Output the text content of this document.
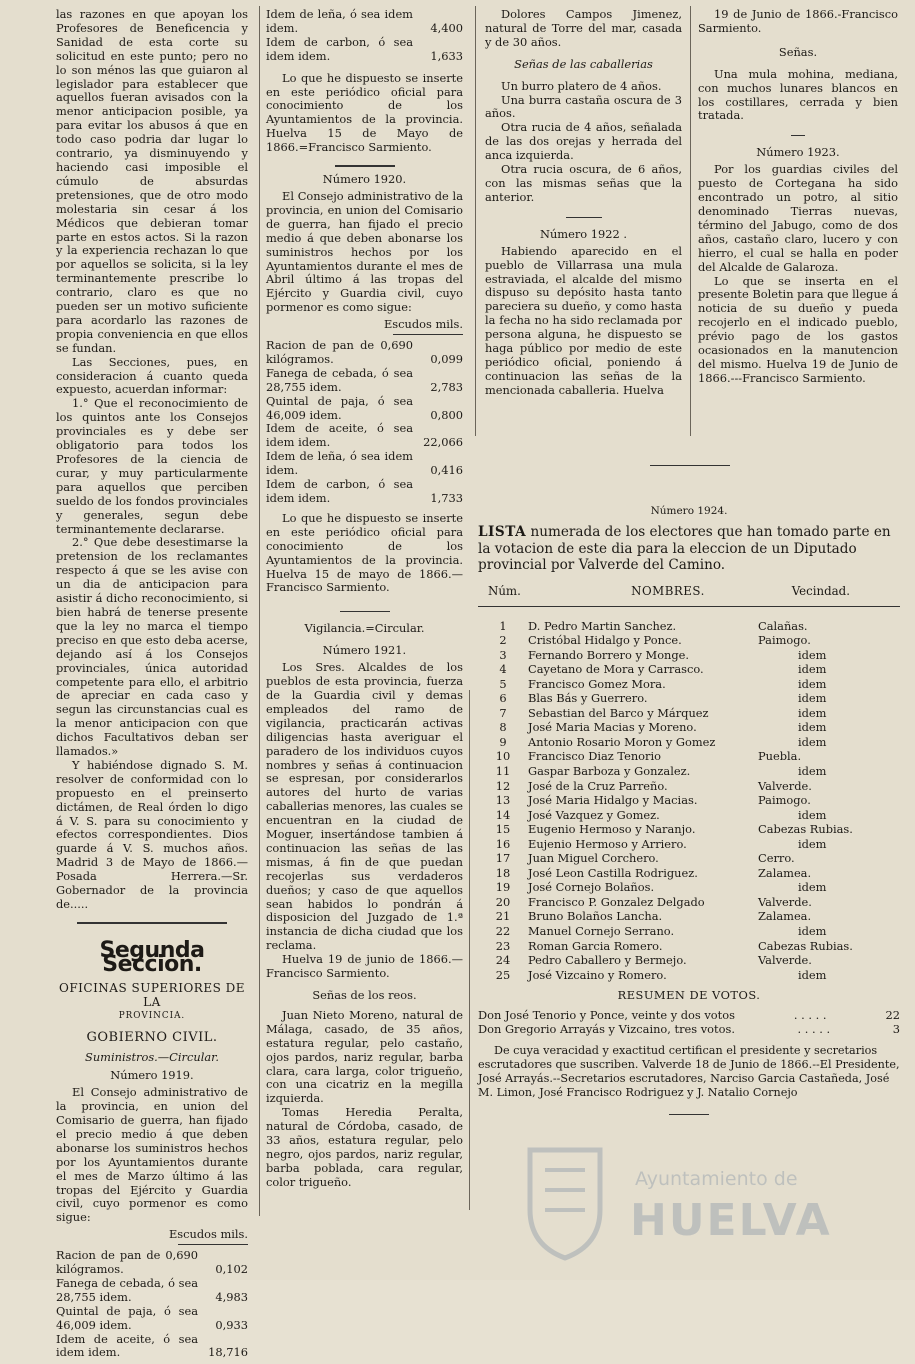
las razones en que apoyan los Profesores de Beneficencia y Sanidad de esta corte su solicitud en este punto; pero no lo son ménos las que guiaron al legislador para establecer que aquellos fueran avisados con la menor anticipacion posible, ya para evitar los abusos á que en todo caso podria dar lugar lo contrario, ya disminuyendo y haciendo casi imposible el cúmulo de absurdas pretensiones, que de otro modo molestaria sin cesar á los Médicos que debieran tomar parte en estos actos. Si la razon y la experiencia rechazan lo que por aquellos se solicita, si la ley terminantemente prescribe lo contrario, claro es que no pueden ser un motivo suficiente para acordarlo las razones de propia conveniencia en que ellos se fundan.

Las Secciones, pues, en consideracion á cuanto queda expuesto, acuerdan informar:

1.° Que el reconocimiento de los quintos ante los Consejos provinciales es y debe ser obligatorio para todos los Profesores de la ciencia de curar, y muy particularmente para aquellos que perciben sueldo de los fondos provinciales y generales, segun debe terminantemente declararse.

2.° Que debe desestimarse la pretension de los reclamantes respecto á que se les avise con un dia de anticipacion para asistir á dicho reconocimiento, si bien habrá de tenerse presente que la ley no marca el tiempo preciso en que esto deba acerse, dejando así á los Consejos provinciales, única autoridad competente para ello, el arbitrio de apreciar en cada caso y segun las circunstancias cual es la menor anticipacion con que dichos Facultativos deban ser llamados.»

Y habiéndose dignado S. M. resolver de conformidad con lo propuesto en el preinserto dictámen, de Real órden lo digo á V. S. para su conocimiento y efectos correspondientes. Dios guarde á V. S. muchos años. Madrid 3 de Mayo de 1866.—Posada Herrera.—Sr. Gobernador de la provincia de.....

Segunda Seccion.
OFICINAS SUPERIORES DE LA
PROVINCIA.
GOBIERNO CIVIL.
Suministros.—Circular.
Número 1919.

El Consejo administrativo de la provincia, en union del Comisario de guerra, han fijado el precio medio á que deben abonarse los suministros hechos por los Ayuntamientos durante el mes de Marzo último á las tropas del Ejército y Guardia civil, cuyo pormenor es como sigue:

Escudos mils.
Racion de pan de 0,690 kilógramos.	0,102
Fanega de cebada, ó sea 28,755 idem.	4,983
Quintal de paja, ó sea 46,009 idem.	0,933
Idem de aceite, ó sea idem idem.	18,716
Idem de leña, ó sea idem idem.	4,400
Idem de carbon, ó sea idem idem.	1,633

Lo que he dispuesto se inserte en este periódico oficial para conocimiento de los Ayuntamientos de la provincia. Huelva 15 de Mayo de 1866.=Francisco Sarmiento.

Número 1920.

El Consejo administrativo de la provincia, en union del Comisario de guerra, han fijado el precio medio á que deben abonarse los suministros hechos por los Ayuntamientos durante el mes de Abril último á las tropas del Ejército y Guardia civil, cuyo pormenor es como sigue:

Escudos mils.
Racion de pan de 0,690 kilógramos.	0,099
Fanega de cebada, ó sea 28,755 idem.	2,783
Quintal de paja, ó sea 46,009 idem.	0,800
Idem de aceite, ó sea idem idem.	22,066
Idem de leña, ó sea idem idem.	0,416
Idem de carbon, ó sea idem idem.	1,733

Lo que he dispuesto se inserte en este periódico oficial para conocimiento de los Ayuntamientos de la provincia. Huelva 15 de mayo de 1866.—Francisco Sarmiento.

Vigilancia.=Circular.
Número 1921.

Los Sres. Alcaldes de los pueblos de esta provincia, fuerza de la Guardia civil y demas empleados del ramo de vigilancia, practicarán activas diligencias hasta averiguar el paradero de los individuos cuyos nombres y señas á continuacion se espresan, por considerarlos autores del hurto de varias caballerias menores, las cuales se encuentran en la ciudad de Moguer, insertándose tambien á continuacion las señas de las mismas, á fin de que puedan recojerlas sus verdaderos dueños; y caso de que aquellos sean habidos lo pondrán á disposicion del Juzgado de 1.ª instancia de dicha ciudad que los reclama.

Huelva 19 de junio de 1866.—Francisco Sarmiento.

Señas de los reos.

Juan Nieto Moreno, natural de Málaga, casado, de 35 años, estatura regular, pelo castaño, ojos pardos, nariz regular, barba clara, cara larga, color trigueño, con una cicatriz en la megilla izquierda.

Tomas Heredia Peralta, natural de Córdoba, casado, de 33 años, estatura regular, pelo negro, ojos pardos, nariz regular, barba poblada, cara regular, color trigueño.

Dolores Campos Jimenez, natural de Torre del mar, casada y de 30 años.

Señas de las caballerias

Un burro platero de 4 años.

Una burra castaña oscura de 3 años.

Otra rucia de 4 años, señalada de las dos orejas y herrada del anca izquierda.

Otra rucia oscura, de 6 años, con las mismas señas que la anterior.

Número 1922 .

Habiendo aparecido en el pueblo de Villarrasa una mula estraviada, el alcalde del mismo dispuso su depósito hasta tanto pareciera su dueño, y como hasta la fecha no ha sido reclamada por persona alguna, he dispuesto se haga público por medio de este periódico oficial, poniendo á continuacion las señas de la mencionada caballeria. Huelva

19 de Junio de 1866.-Francisco Sarmiento.

Señas.

Una mula mohina, mediana, con muchos lunares blancos en los costillares, cerrada y bien tratada.

Número 1923.

Por los guardias civiles del puesto de Cortegana ha sido encontrado un potro, al sitio denominado Tierras nuevas, término del Jabugo, como de dos años, castaño claro, lucero y con hierro, el cual se halla en poder del Alcalde de Galaroza.

Lo que se inserta en el presente Boletin para que llegue á noticia de su dueño y pueda recojerlo en el indicado pueblo, prévio pago de los gastos ocasionados en la manutencion del mismo. Huelva 19 de Junio de 1866.---Francisco Sarmiento.

Número 1924.
LISTA numerada de los electores que han tomado parte en la votacion de este dia para la eleccion de un Diputado provincial por Valverde del Camino.
Núm.	NOMBRES.	Vecindad.
1	D. Pedro Martin Sanchez.	Calañas.
2	Cristóbal Hidalgo y Ponce.	Paimogo.
3	Fernando Borrero y Monge.	idem
4	Cayetano de Mora y Carrasco.	idem
5	Francisco Gomez Mora.	idem
6	Blas Bás y Guerrero.	idem
7	Sebastian del Barco y Márquez	idem
8	José Maria Macias y Moreno.	idem
9	Antonio Rosario Moron y Gomez	idem
10	Francisco Diaz Tenorio	Puebla.
11	Gaspar Barboza y Gonzalez.	idem
12	José de la Cruz Parreño.	Valverde.
13	José Maria Hidalgo y Macias.	Paimogo.
14	José Vazquez y Gomez.	idem
15	Eugenio Hermoso y Naranjo.	Cabezas Rubias.
16	Eujenio Hermoso y Arriero.	idem
17	Juan Miguel Corchero.	Cerro.
18	José Leon Castilla Rodriguez.	Zalamea.
19	José Cornejo Bolaños.	idem
20	Francisco P. Gonzalez Delgado	Valverde.
21	Bruno Bolaños Lancha.	Zalamea.
22	Manuel Cornejo Serrano.	idem
23	Roman Garcia Romero.	Cabezas Rubias.
24	Pedro Caballero y Bermejo.	Valverde.
25	José Vizcaino y Romero.	idem
RESUMEN DE VOTOS.
Don José Tenorio y Ponce, veinte y dos votos	. . . . .	22
Don Gregorio Arrayás y Vizcaino, tres votos.	. . . . .	3

De cuya veracidad y exactitud certifican el presidente y secretarios escrutadores que suscriben. Valverde 18 de Junio de 1866.--El Presidente, José Arrayás.--Secretarios escrutadores, Narciso Garcia Castañeda, José M. Limon, José Francisco Rodriguez y J. Natalio Cornejo

Ayuntamiento de
HUELVA
